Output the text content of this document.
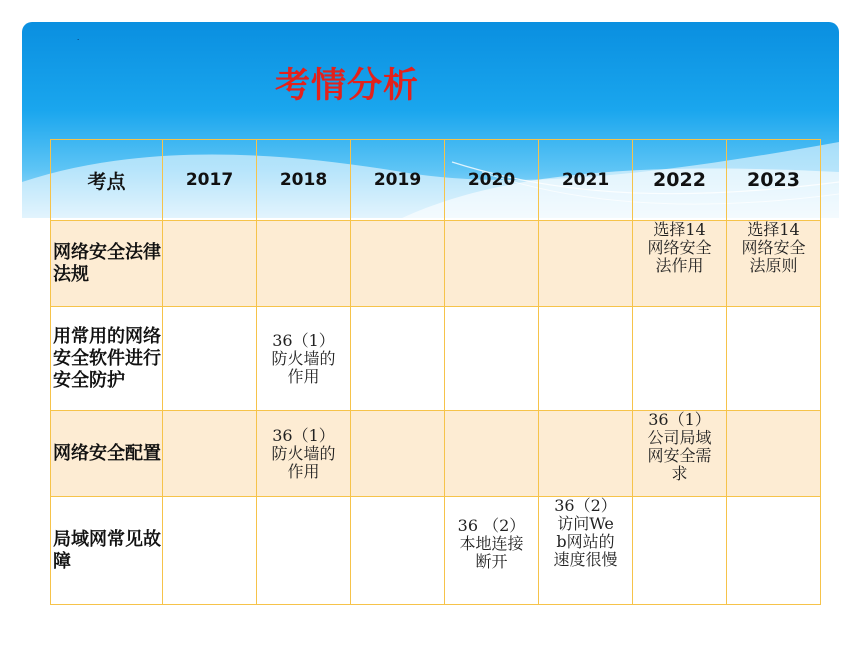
.
考情分析
考点	2017	2018	2019	2020	2021	2022	2023
网络安全法律法规						选择14网络安全法作用	选择14网络安全法原则

用常用的网络安全软件进行安全防护		36（1）防火墙的作用					

网络安全配置		36（1）防火墙的作用				36（1）公司局域网安全需求	

局域网常见故障				36 （2）本地连接断开	36（2）访问Web网站的速度很慢		
